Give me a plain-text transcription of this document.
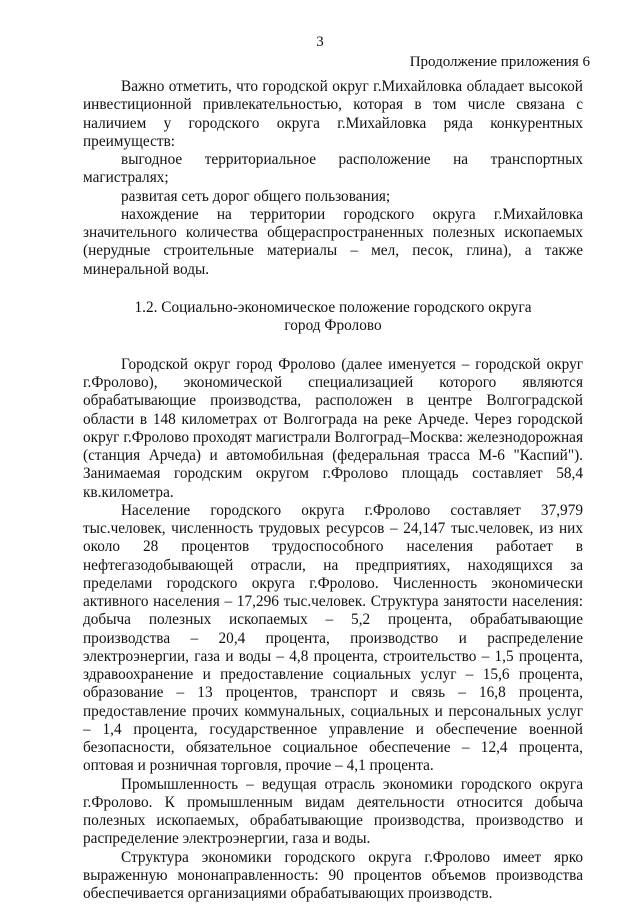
3
Продолжение приложения 6

Важно отметить, что городской округ г.Михайловка обладает высокой инвестиционной привлекательностью, которая в том числе связана с наличием у городского округа г.Михайловка ряда конкурентных преимуществ:

выгодное территориальное расположение на транспортных магистралях;

развитая сеть дорог общего пользования;

нахождение на территории городского округа г.Михайловка значительного количества общераспространенных полезных ископаемых (нерудные строительные материалы – мел, песок, глина), а также минеральной воды.

1.2. Социально-экономическое положение городского округа
город Фролово

Городской округ город Фролово (далее именуется – городской округ г.Фролово), экономической специализацией которого являются обрабатывающие производства, расположен в центре Волгоградской области в 148 километрах от Волгограда на реке Арчеде. Через городской округ г.Фролово проходят магистрали Волгоград–Москва: железнодорожная (станция Арчеда) и автомобильная (федеральная трасса М-6 "Каспий"). Занимаемая городским округом г.Фролово площадь составляет 58,4 кв.километра.

Население городского округа г.Фролово составляет 37,979 тыс.человек, численность трудовых ресурсов – 24,147 тыс.человек, из них около 28 процентов трудоспособного населения работает в нефтегазодобывающей отрасли, на предприятиях, находящихся за пределами городского округа г.Фролово. Численность экономически активного населения – 17,296 тыс.человек. Структура занятости населения: добыча полезных ископаемых – 5,2 процента, обрабатывающие производства – 20,4 процента, производство и распределение электроэнергии, газа и воды – 4,8 процента, строительство – 1,5 процента, здравоохранение и предоставление социальных услуг – 15,6 процента, образование – 13 процентов, транспорт и связь – 16,8 процента, предоставление прочих коммунальных, социальных и персональных услуг – 1,4 процента, государственное управление и обеспечение военной безопасности, обязательное социальное обеспечение – 12,4 процента, оптовая и розничная торговля, прочие – 4,1 процента.

Промышленность – ведущая отрасль экономики городского округа г.Фролово. К промышленным видам деятельности относится добыча полезных ископаемых, обрабатывающие производства, производство и распределение электроэнергии, газа и воды.

Структура экономики городского округа г.Фролово имеет ярко выраженную мононаправленность: 90 процентов объемов производства обеспечивается организациями обрабатывающих производств.
